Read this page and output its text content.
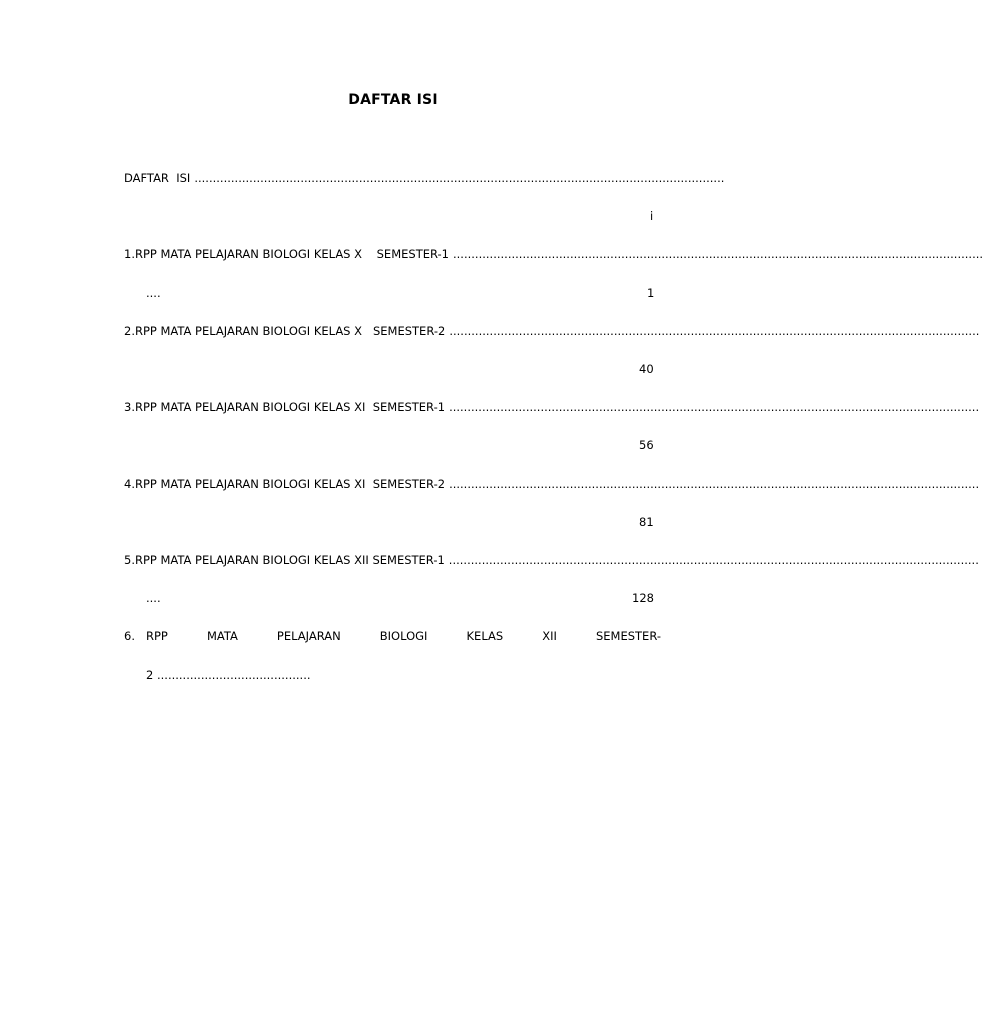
DAFTAR ISI
DAFTAR  ISI .................................................................................................................................................
i
1. RPP MATA PELAJARAN BIOLOGI KELAS X    SEMESTER-1 .................................................................................................................................................
....	1
2. RPP MATA PELAJARAN BIOLOGI KELAS X   SEMESTER-2 .................................................................................................................................................
40
3. RPP MATA PELAJARAN BIOLOGI KELAS XI  SEMESTER-1 .................................................................................................................................................
56
4. RPP MATA PELAJARAN BIOLOGI KELAS XI  SEMESTER-2 .................................................................................................................................................
81
5. RPP MATA PELAJARAN BIOLOGI KELAS XII SEMESTER-1 .................................................................................................................................................
....	128
6. RPP	MATA	PELAJARAN	BIOLOGI	KELAS	XII	SEMESTER-
2 ..........................................
